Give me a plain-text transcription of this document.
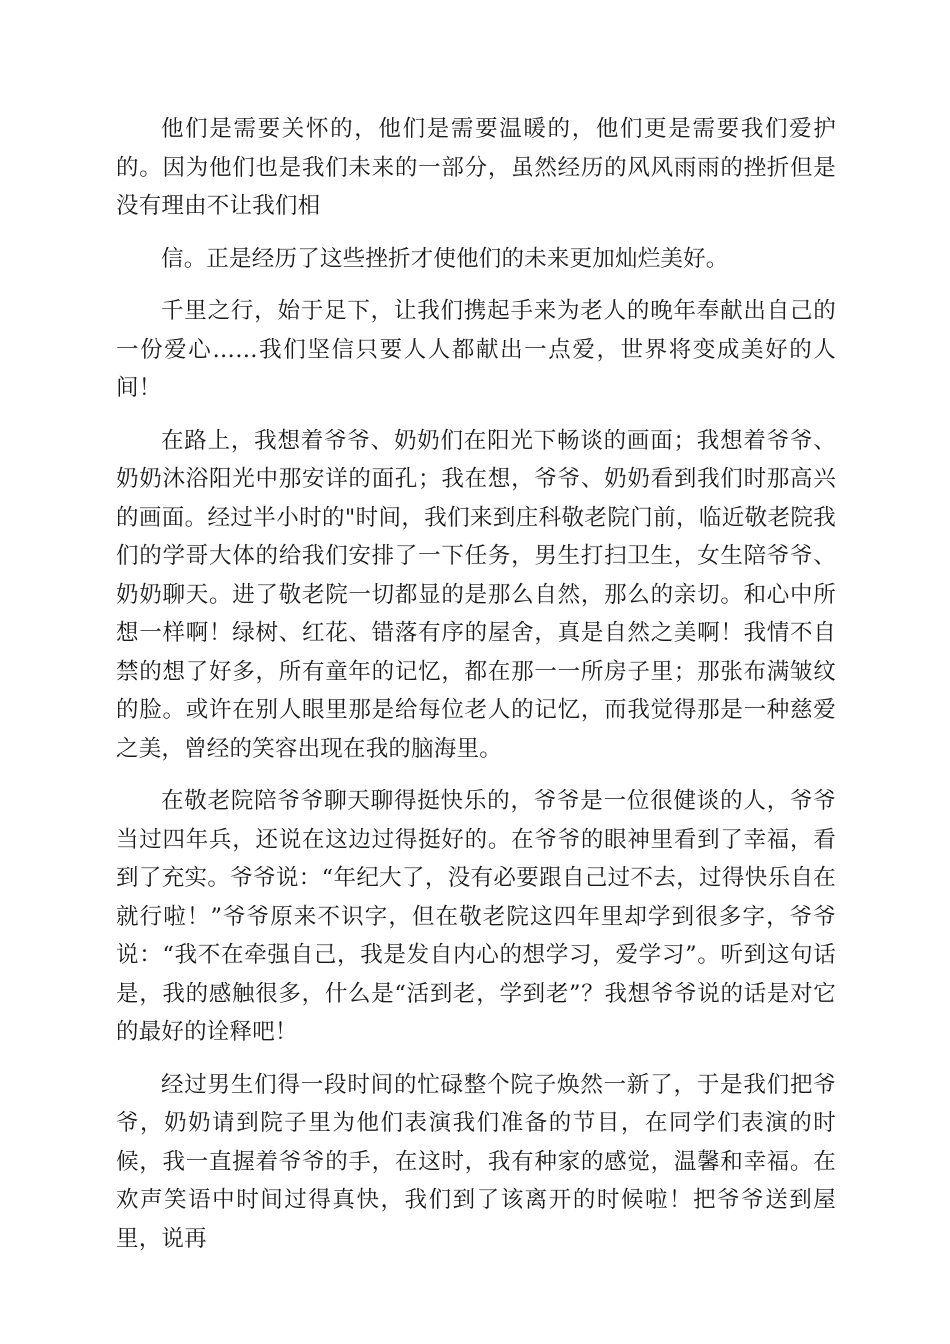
他们是需要关怀的，他们是需要温暖的，他们更是需要我们爱护的。因为他们也是我们未来的一部分，虽然经历的风风雨雨的挫折但是没有理由不让我们相

信。正是经历了这些挫折才使他们的未来更加灿烂美好。

千里之行，始于足下，让我们携起手来为老人的晚年奉献出自己的一份爱心……我们坚信只要人人都献出一点爱，世界将变成美好的人间！

在路上，我想着爷爷、奶奶们在阳光下畅谈的画面；我想着爷爷、奶奶沐浴阳光中那安详的面孔；我在想，爷爷、奶奶看到我们时那高兴的画面。经过半小时的"时间，我们来到庄科敬老院门前，临近敬老院我们的学哥大体的给我们安排了一下任务，男生打扫卫生，女生陪爷爷、奶奶聊天。进了敬老院一切都显的是那么自然，那么的亲切。和心中所想一样啊！绿树、红花、错落有序的屋舍，真是自然之美啊！我情不自禁的想了好多，所有童年的记忆，都在那一一所房子里；那张布满皱纹的脸。或许在别人眼里那是给每位老人的记忆，而我觉得那是一种慈爱之美，曾经的笑容出现在我的脑海里。

在敬老院陪爷爷聊天聊得挺快乐的，爷爷是一位很健谈的人，爷爷当过四年兵，还说在这边过得挺好的。在爷爷的眼神里看到了幸福，看到了充实。爷爷说：“年纪大了，没有必要跟自己过不去，过得快乐自在就行啦！”爷爷原来不识字，但在敬老院这四年里却学到很多字，爷爷说：“我不在牵强自己，我是发自内心的想学习，爱学习”。听到这句话是，我的感触很多，什么是“活到老，学到老”？我想爷爷说的话是对它的最好的诠释吧！

经过男生们得一段时间的忙碌整个院子焕然一新了，于是我们把爷爷，奶奶请到院子里为他们表演我们准备的节目，在同学们表演的时候，我一直握着爷爷的手，在这时，我有种家的感觉，温馨和幸福。在欢声笑语中时间过得真快，我们到了该离开的时候啦！把爷爷送到屋里，说再
